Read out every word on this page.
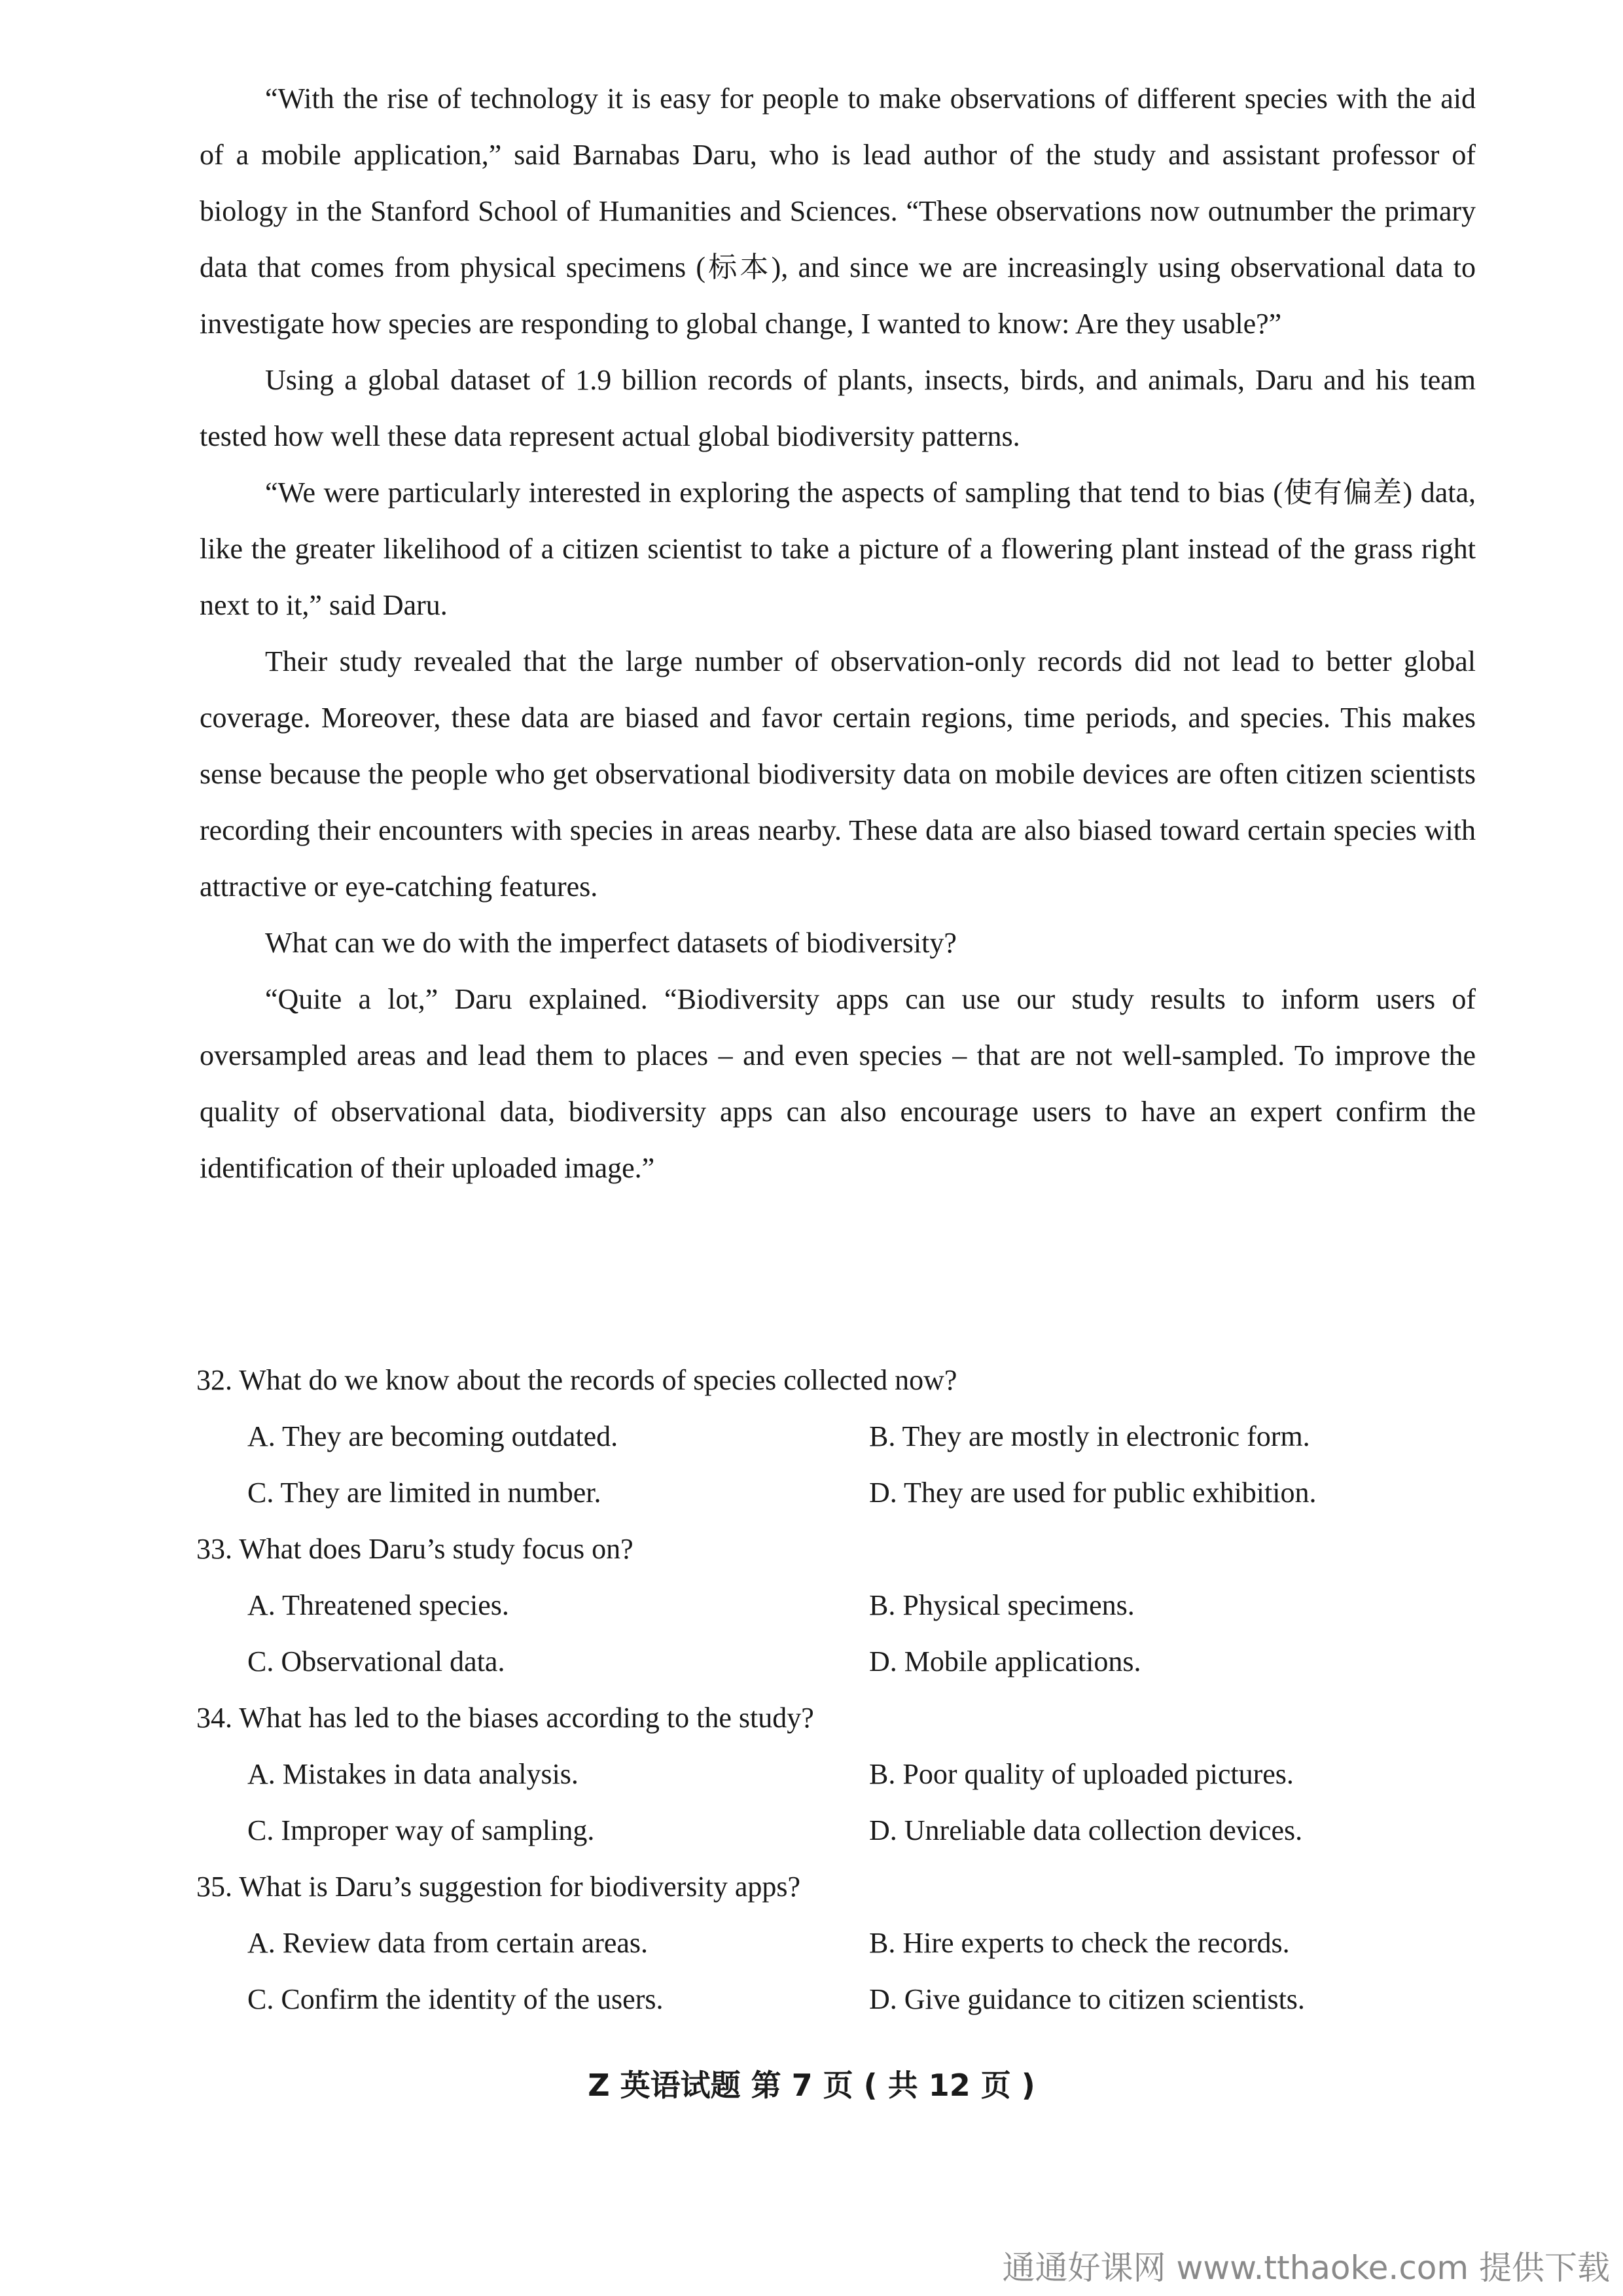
“With the rise of technology it is easy for people to make observations of different species with the aid of a mobile application,” said Barnabas Daru, who is lead author of the study and assistant professor of biology in the Stanford School of Humanities and Sciences. “These observations now outnumber the primary data that comes from physical specimens (标本), and since we are increasingly using observational data to investigate how species are responding to global change, I wanted to know: Are they usable?”

Using a global dataset of 1.9 billion records of plants, insects, birds, and animals, Daru and his team tested how well these data represent actual global biodiversity patterns.

“We were particularly interested in exploring the aspects of sampling that tend to bias (使有偏差) data, like the greater likelihood of a citizen scientist to take a picture of a flowering plant instead of the grass right next to it,” said Daru.

Their study revealed that the large number of observation-only records did not lead to better global coverage. Moreover, these data are biased and favor certain regions, time periods, and species. This makes sense because the people who get observational biodiversity data on mobile devices are often citizen scientists recording their encounters with species in areas nearby. These data are also biased toward certain species with attractive or eye-catching features.

What can we do with the imperfect datasets of biodiversity?

“Quite a lot,” Daru explained. “Biodiversity apps can use our study results to inform users of oversampled areas and lead them to places – and even species – that are not well-sampled. To improve the quality of observational data, biodiversity apps can also encourage users to have an expert confirm the identification of their uploaded image.”

32. What do we know about the records of species collected now?
A. They are becoming outdated.	B. They are mostly in electronic form.
C. They are limited in number.	D. They are used for public exhibition.
33. What does Daru’s study focus on?
A. Threatened species.	B. Physical specimens.
C. Observational data.	D. Mobile applications.
34. What has led to the biases according to the study?
A. Mistakes in data analysis.	B. Poor quality of uploaded pictures.
C. Improper way of sampling.	D. Unreliable data collection devices.
35. What is Daru’s suggestion for biodiversity apps?
A. Review data from certain areas.	B. Hire experts to check the records.
C. Confirm the identity of the users.	D. Give guidance to citizen scientists.
Z 英语试题 第 7 页 ( 共 12 页 )
通通好课网 www.tthaoke.com 提供下载
